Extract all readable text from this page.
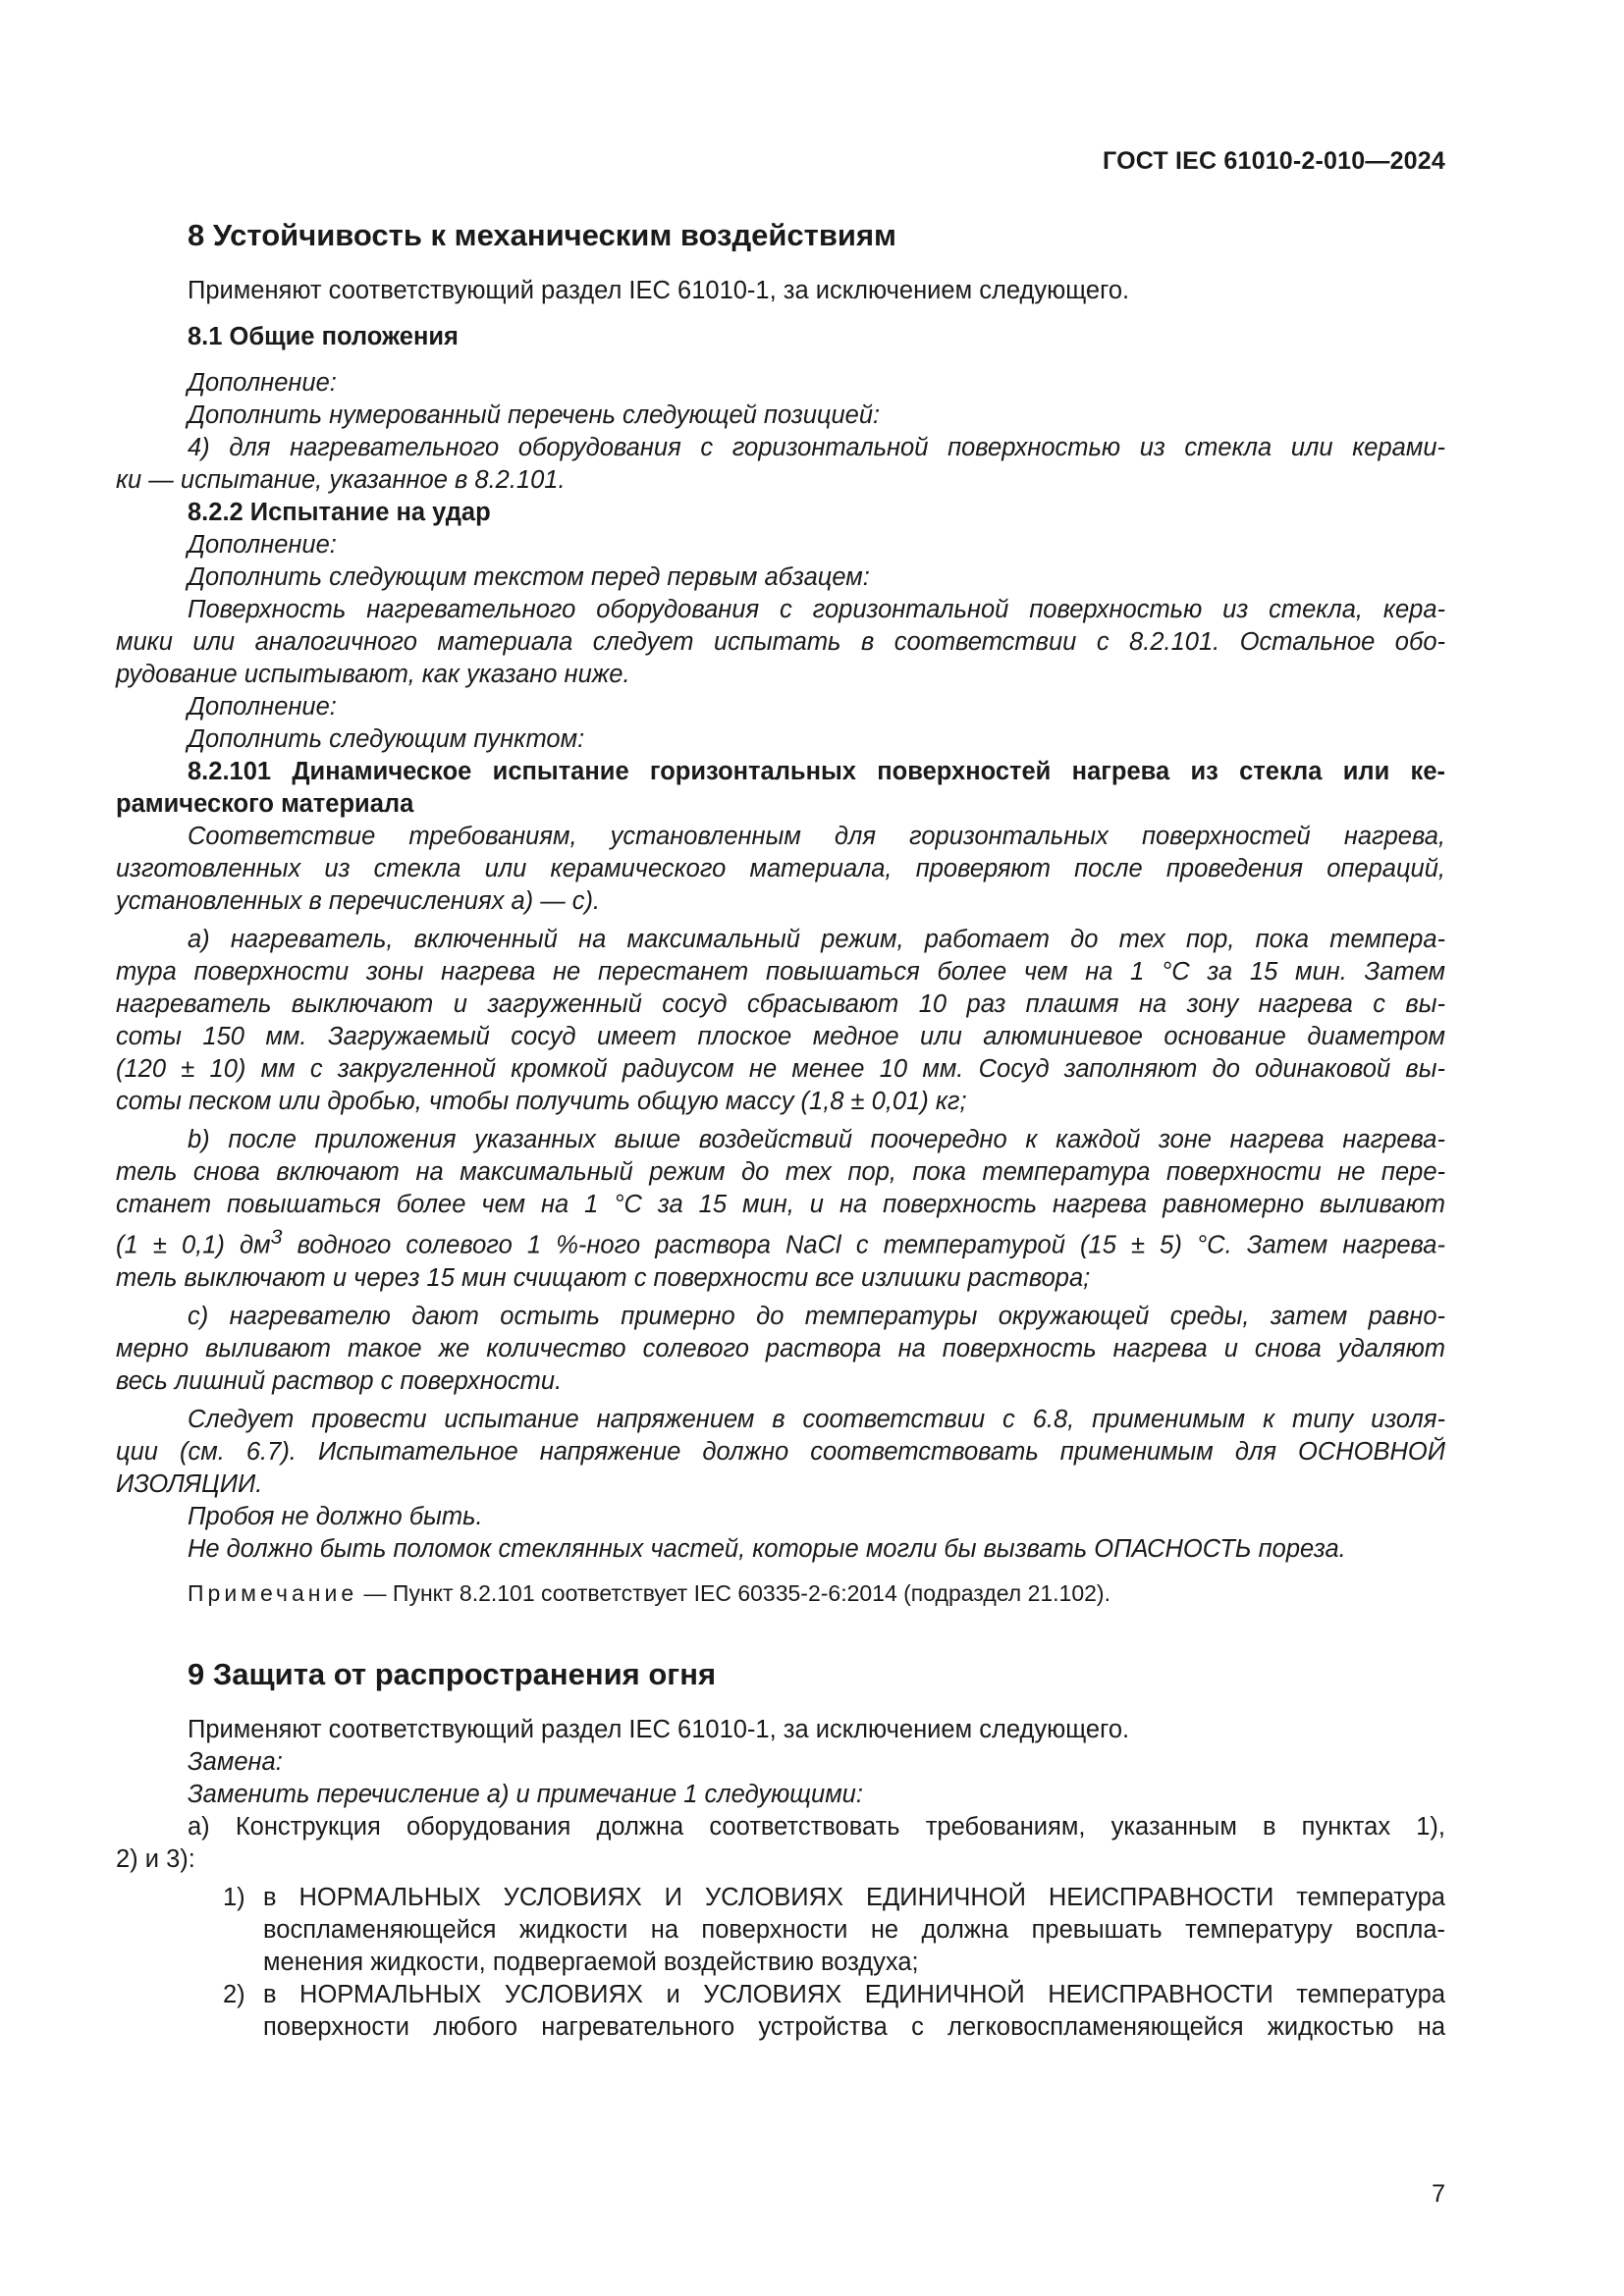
ГОСТ IEC 61010-2-010—2024
8 Устойчивость к механическим воздействиям

Применяют соответствующий раздел IEC 61010-1, за исключением следующего.

8.1 Общие положения

Дополнение:

Дополнить нумерованный перечень следующей позицией:

4) для нагревательного оборудования с горизонтальной поверхностью из стекла или керами-

ки — испытание, указанное в 8.2.101.

8.2.2 Испытание на удар

Дополнение:

Дополнить следующим текстом перед первым абзацем:

Поверхность нагревательного оборудования с горизонтальной поверхностью из стекла, кера-

мики или аналогичного материала следует испытать в соответствии с 8.2.101. Остальное обо-

рудование испытывают, как указано ниже.

Дополнение:

Дополнить следующим пунктом:

8.2.101 Динамическое испытание горизонтальных поверхностей нагрева из стекла или ке-

рамического материала

Соответствие требованиям, установленным для горизонтальных поверхностей нагрева,

изготовленных из стекла или керамического материала, проверяют после проведения операций,

установленных в перечислениях а) — c).

a) нагреватель, включенный на максимальный режим, работает до тех пор, пока темпера-

тура поверхности зоны нагрева не перестанет повышаться более чем на 1 °С за 15 мин. Затем

нагреватель выключают и загруженный сосуд сбрасывают 10 раз плашмя на зону нагрева с вы-

соты 150 мм. Загружаемый сосуд имеет плоское медное или алюминиевое основание диаметром

(120 ± 10) мм с закругленной кромкой радиусом не менее 10 мм. Сосуд заполняют до одинаковой вы-

соты песком или дробью, чтобы получить общую массу (1,8 ± 0,01) кг;

b) после приложения указанных выше воздействий поочередно к каждой зоне нагрева нагрева-

тель снова включают на максимальный режим до тех пор, пока температура поверхности не пере-

станет повышаться более чем на 1 °С за 15 мин, и на поверхность нагрева равномерно выливают

(1 ± 0,1) $дм^3$ водного солевого 1 %-ного раствора NaCl с температурой (15 ± 5) °С. Затем нагрева-

тель выключают и через 15 мин счищают с поверхности все излишки раствора;

c) нагревателю дают остыть примерно до температуры окружающей среды, затем равно-

мерно выливают такое же количество солевого раствора на поверхность нагрева и снова удаляют

весь лишний раствор с поверхности.

Следует провести испытание напряжением в соответствии с 6.8, применимым к типу изоля-

ции (см. 6.7). Испытательное напряжение должно соответствовать применимым для ОСНОВНОЙ

ИЗОЛЯЦИИ.

Пробоя не должно быть.

Не должно быть поломок стеклянных частей, которые могли бы вызвать ОПАСНОСТЬ пореза.

Примечание — Пункт 8.2.101 соответствует IEC 60335-2-6:2014 (подраздел 21.102).

9 Защита от распространения огня

Применяют соответствующий раздел IEC 61010-1, за исключением следующего.

Замена:

Заменить перечисление а) и примечание 1 следующими:

а) Конструкция оборудования должна соответствовать требованиям, указанным в пунктах 1),

2) и 3):

1) в НОРМАЛЬНЫХ УСЛОВИЯХ И УСЛОВИЯХ ЕДИНИЧНОЙ НЕИСПРАВНОСТИ температура

воспламеняющейся жидкости на поверхности не должна превышать температуру воспла-

менения жидкости, подвергаемой воздействию воздуха;

2) в НОРМАЛЬНЫХ УСЛОВИЯХ и УСЛОВИЯХ ЕДИНИЧНОЙ НЕИСПРАВНОСТИ температура

поверхности любого нагревательного устройства с легковоспламеняющейся жидкостью на

7
